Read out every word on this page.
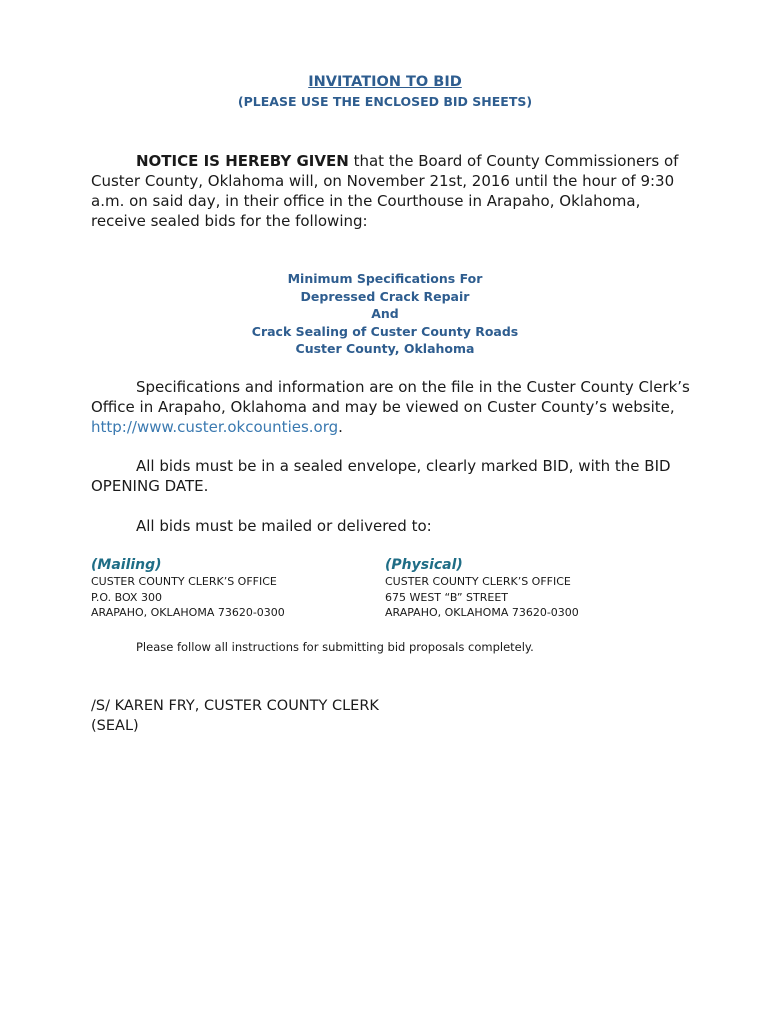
INVITATION TO BID
(PLEASE USE THE ENCLOSED BID SHEETS)

NOTICE IS HEREBY GIVEN that the Board of County Commissioners of Custer County, Oklahoma will, on November 21st, 2016 until the hour of 9:30 a.m. on said day, in their office in the Courthouse in Arapaho, Oklahoma, receive sealed bids for the following:

Minimum Specifications For
Depressed Crack Repair
And
Crack Sealing of Custer County Roads
Custer County, Oklahoma

Specifications and information are on the file in the Custer County Clerk’s Office in Arapaho, Oklahoma and may be viewed on Custer County’s website, http://www.custer.okcounties.org.

All bids must be in a sealed envelope, clearly marked BID, with the BID OPENING DATE.

All bids must be mailed or delivered to:

(Mailing)
CUSTER COUNTY CLERK’S OFFICE
P.O. BOX 300
ARAPAHO, OKLAHOMA 73620-0300
(Physical)
CUSTER COUNTY CLERK’S OFFICE
675 WEST “B” STREET
ARAPAHO, OKLAHOMA 73620-0300
Please follow all instructions for submitting bid proposals completely.
/S/ KAREN FRY, CUSTER COUNTY CLERK
(SEAL)
